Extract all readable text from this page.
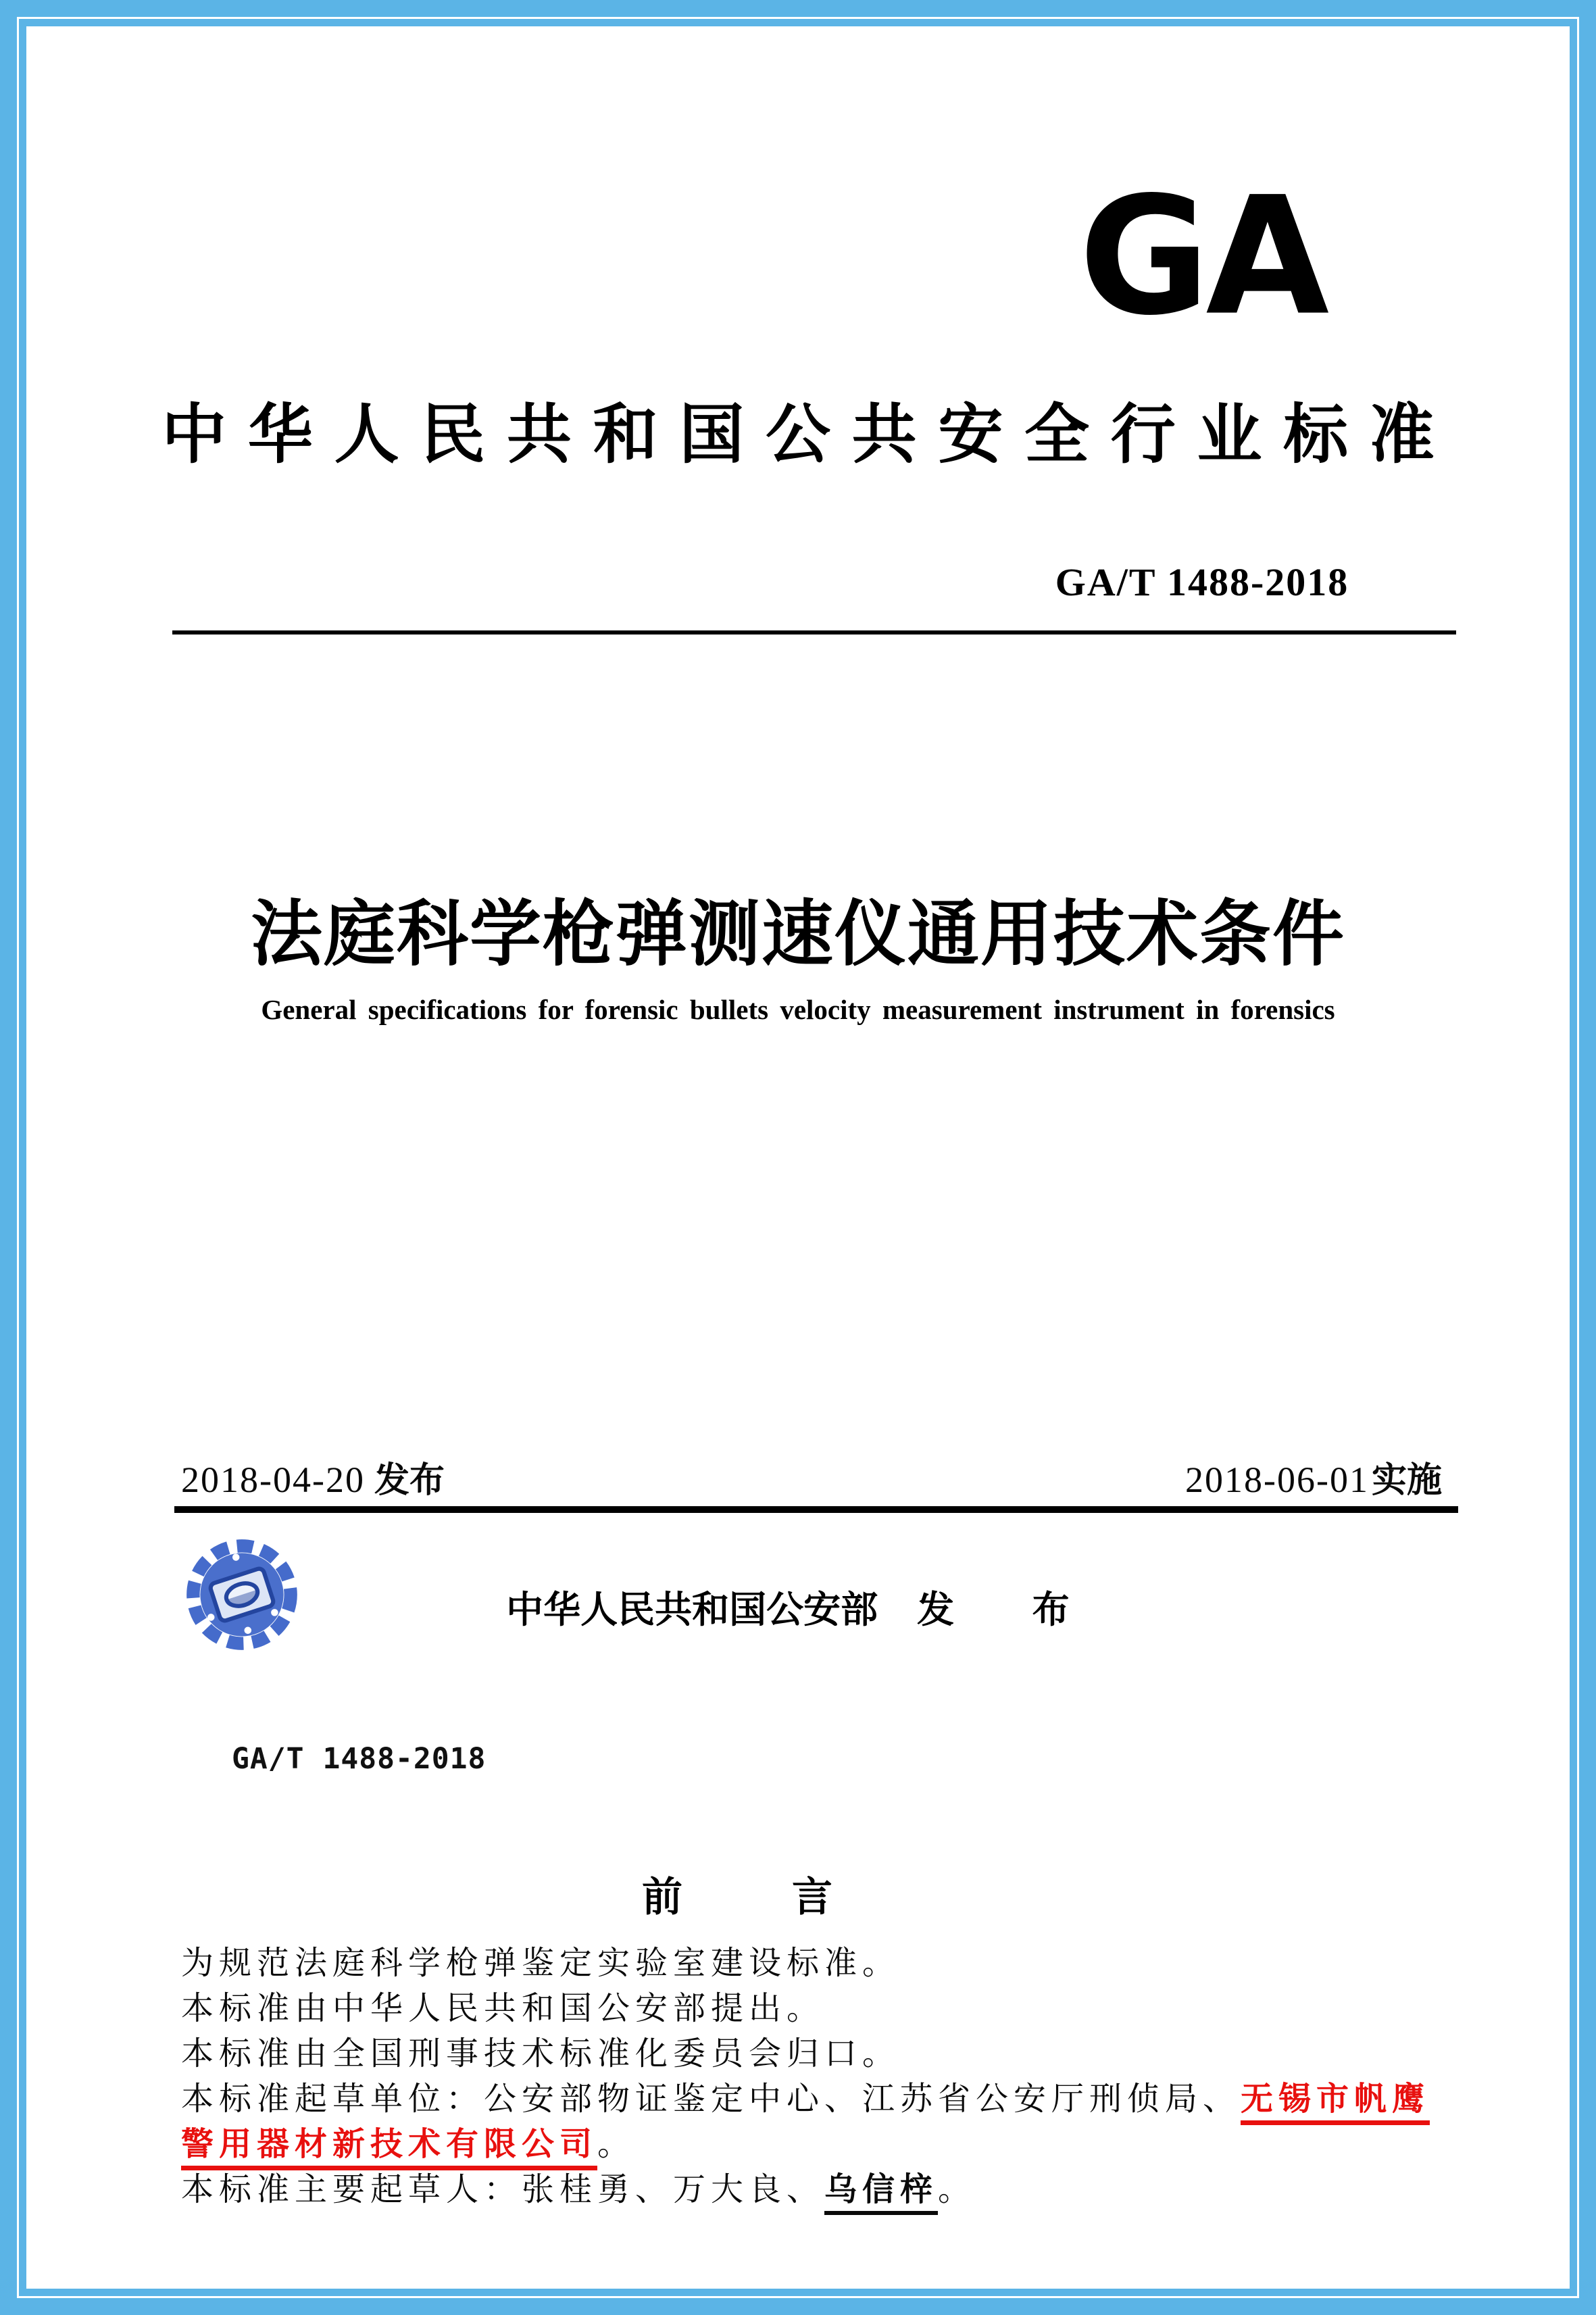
GA
中华人民共和国公共安全行业标准
GA/T 1488-2018
法庭科学枪弹测速仪通用技术条件
General specifications for forensic bullets velocity measurement instrument in forensics
2018-04-20 发布	2018-06-01实施
中华人民共和国公安部 发　布
GA/T 1488-2018
前	言
为规范法庭科学枪弹鉴定实验室建设标准。
本标准由中华人民共和国公安部提出。
本标准由全国刑事技术标准化委员会归口。
本标准起草单位：公安部物证鉴定中心、江苏省公安厅刑侦局、无锡市帆鹰
警用器材新技术有限公司。
本标准主要起草人：张桂勇、万大良、乌信梓。
